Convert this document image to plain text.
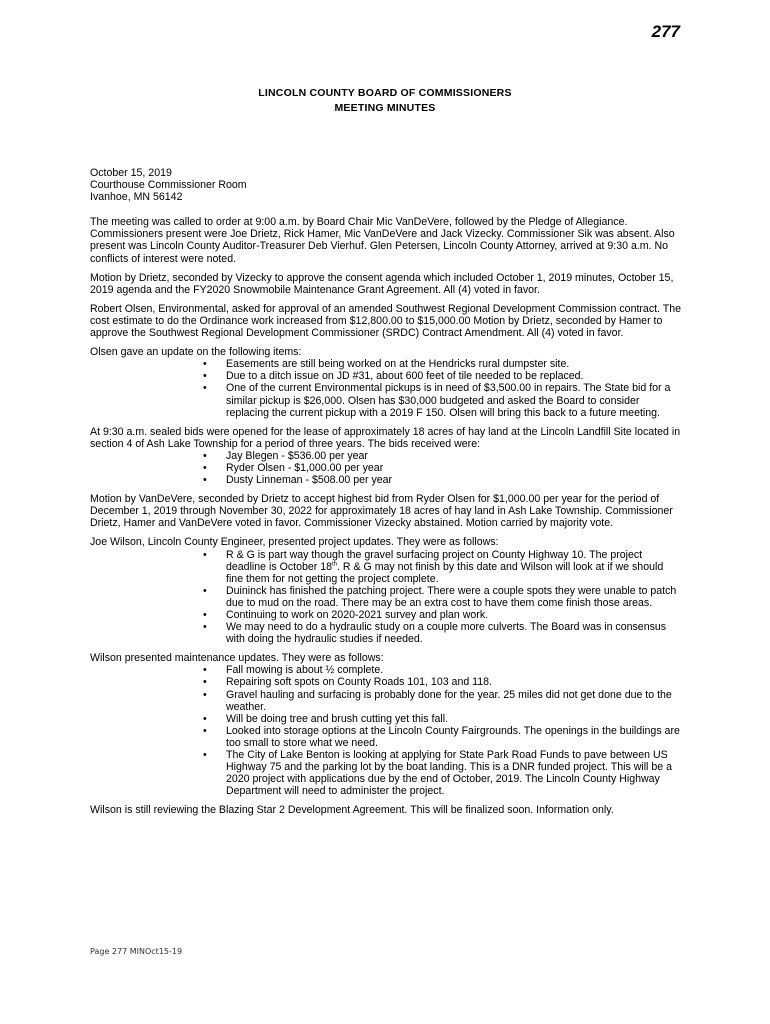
277
LINCOLN COUNTY BOARD OF COMMISSIONERS
MEETING MINUTES

October 15, 2019
Courthouse Commissioner Room
Ivanhoe, MN 56142

The meeting was called to order at 9:00 a.m. by Board Chair Mic VanDeVere, followed by the Pledge of Allegiance. Commissioners present were Joe Drietz, Rick Hamer, Mic VanDeVere and Jack Vizecky. Commissioner Sik was absent. Also present was Lincoln County Auditor-Treasurer Deb Vierhuf. Glen Petersen, Lincoln County Attorney, arrived at 9:30 a.m. No conflicts of interest were noted.

Motion by Drietz, seconded by Vizecky to approve the consent agenda which included October 1, 2019 minutes, October 15, 2019 agenda and the FY2020 Snowmobile Maintenance Grant Agreement. All (4) voted in favor.

Robert Olsen, Environmental, asked for approval of an amended Southwest Regional Development Commission contract. The cost estimate to do the Ordinance work increased from $12,800.00 to $15,000.00 Motion by Drietz, seconded by Hamer to approve the Southwest Regional Development Commissioner (SRDC) Contract Amendment. All (4) voted in favor.

Olsen gave an update on the following items:

• Easements are still being worked on at the Hendricks rural dumpster site.
• Due to a ditch issue on JD #31, about 600 feet of tile needed to be replaced.
• One of the current Environmental pickups is in need of $3,500.00 in repairs. The State bid for a similar pickup is $26,000. Olsen has $30,000 budgeted and asked the Board to consider replacing the current pickup with a 2019 F 150. Olsen will bring this back to a future meeting.

At 9:30 a.m. sealed bids were opened for the lease of approximately 18 acres of hay land at the Lincoln Landfill Site located in section 4 of Ash Lake Township for a period of three years. The bids received were:

• Jay Blegen - $536.00 per year
• Ryder Olsen - $1,000.00 per year
• Dusty Linneman - $508.00 per year

Motion by VanDeVere, seconded by Drietz to accept highest bid from Ryder Olsen for $1,000.00 per year for the period of December 1, 2019 through November 30, 2022 for approximately 18 acres of hay land in Ash Lake Township. Commissioner Drietz, Hamer and VanDeVere voted in favor. Commissioner Vizecky abstained. Motion carried by majority vote.

Joe Wilson, Lincoln County Engineer, presented project updates. They were as follows:

• R & G is part way though the gravel surfacing project on County Highway 10. The project deadline is October 18th. R & G may not finish by this date and Wilson will look at if we should fine them for not getting the project complete.
• Duininck has finished the patching project. There were a couple spots they were unable to patch due to mud on the road. There may be an extra cost to have them come finish those areas.
• Continuing to work on 2020-2021 survey and plan work.
• We may need to do a hydraulic study on a couple more culverts. The Board was in consensus with doing the hydraulic studies if needed.

Wilson presented maintenance updates. They were as follows:

• Fall mowing is about ½ complete.
• Repairing soft spots on County Roads 101, 103 and 118.
• Gravel hauling and surfacing is probably done for the year. 25 miles did not get done due to the weather.
• Will be doing tree and brush cutting yet this fall.
• Looked into storage options at the Lincoln County Fairgrounds. The openings in the buildings are too small to store what we need.
• The City of Lake Benton is looking at applying for State Park Road Funds to pave between US Highway 75 and the parking lot by the boat landing. This is a DNR funded project. This will be a 2020 project with applications due by the end of October, 2019. The Lincoln County Highway Department will need to administer the project.

Wilson is still reviewing the Blazing Star 2 Development Agreement. This will be finalized soon. Information only.

Page 277 MINOct15-19
